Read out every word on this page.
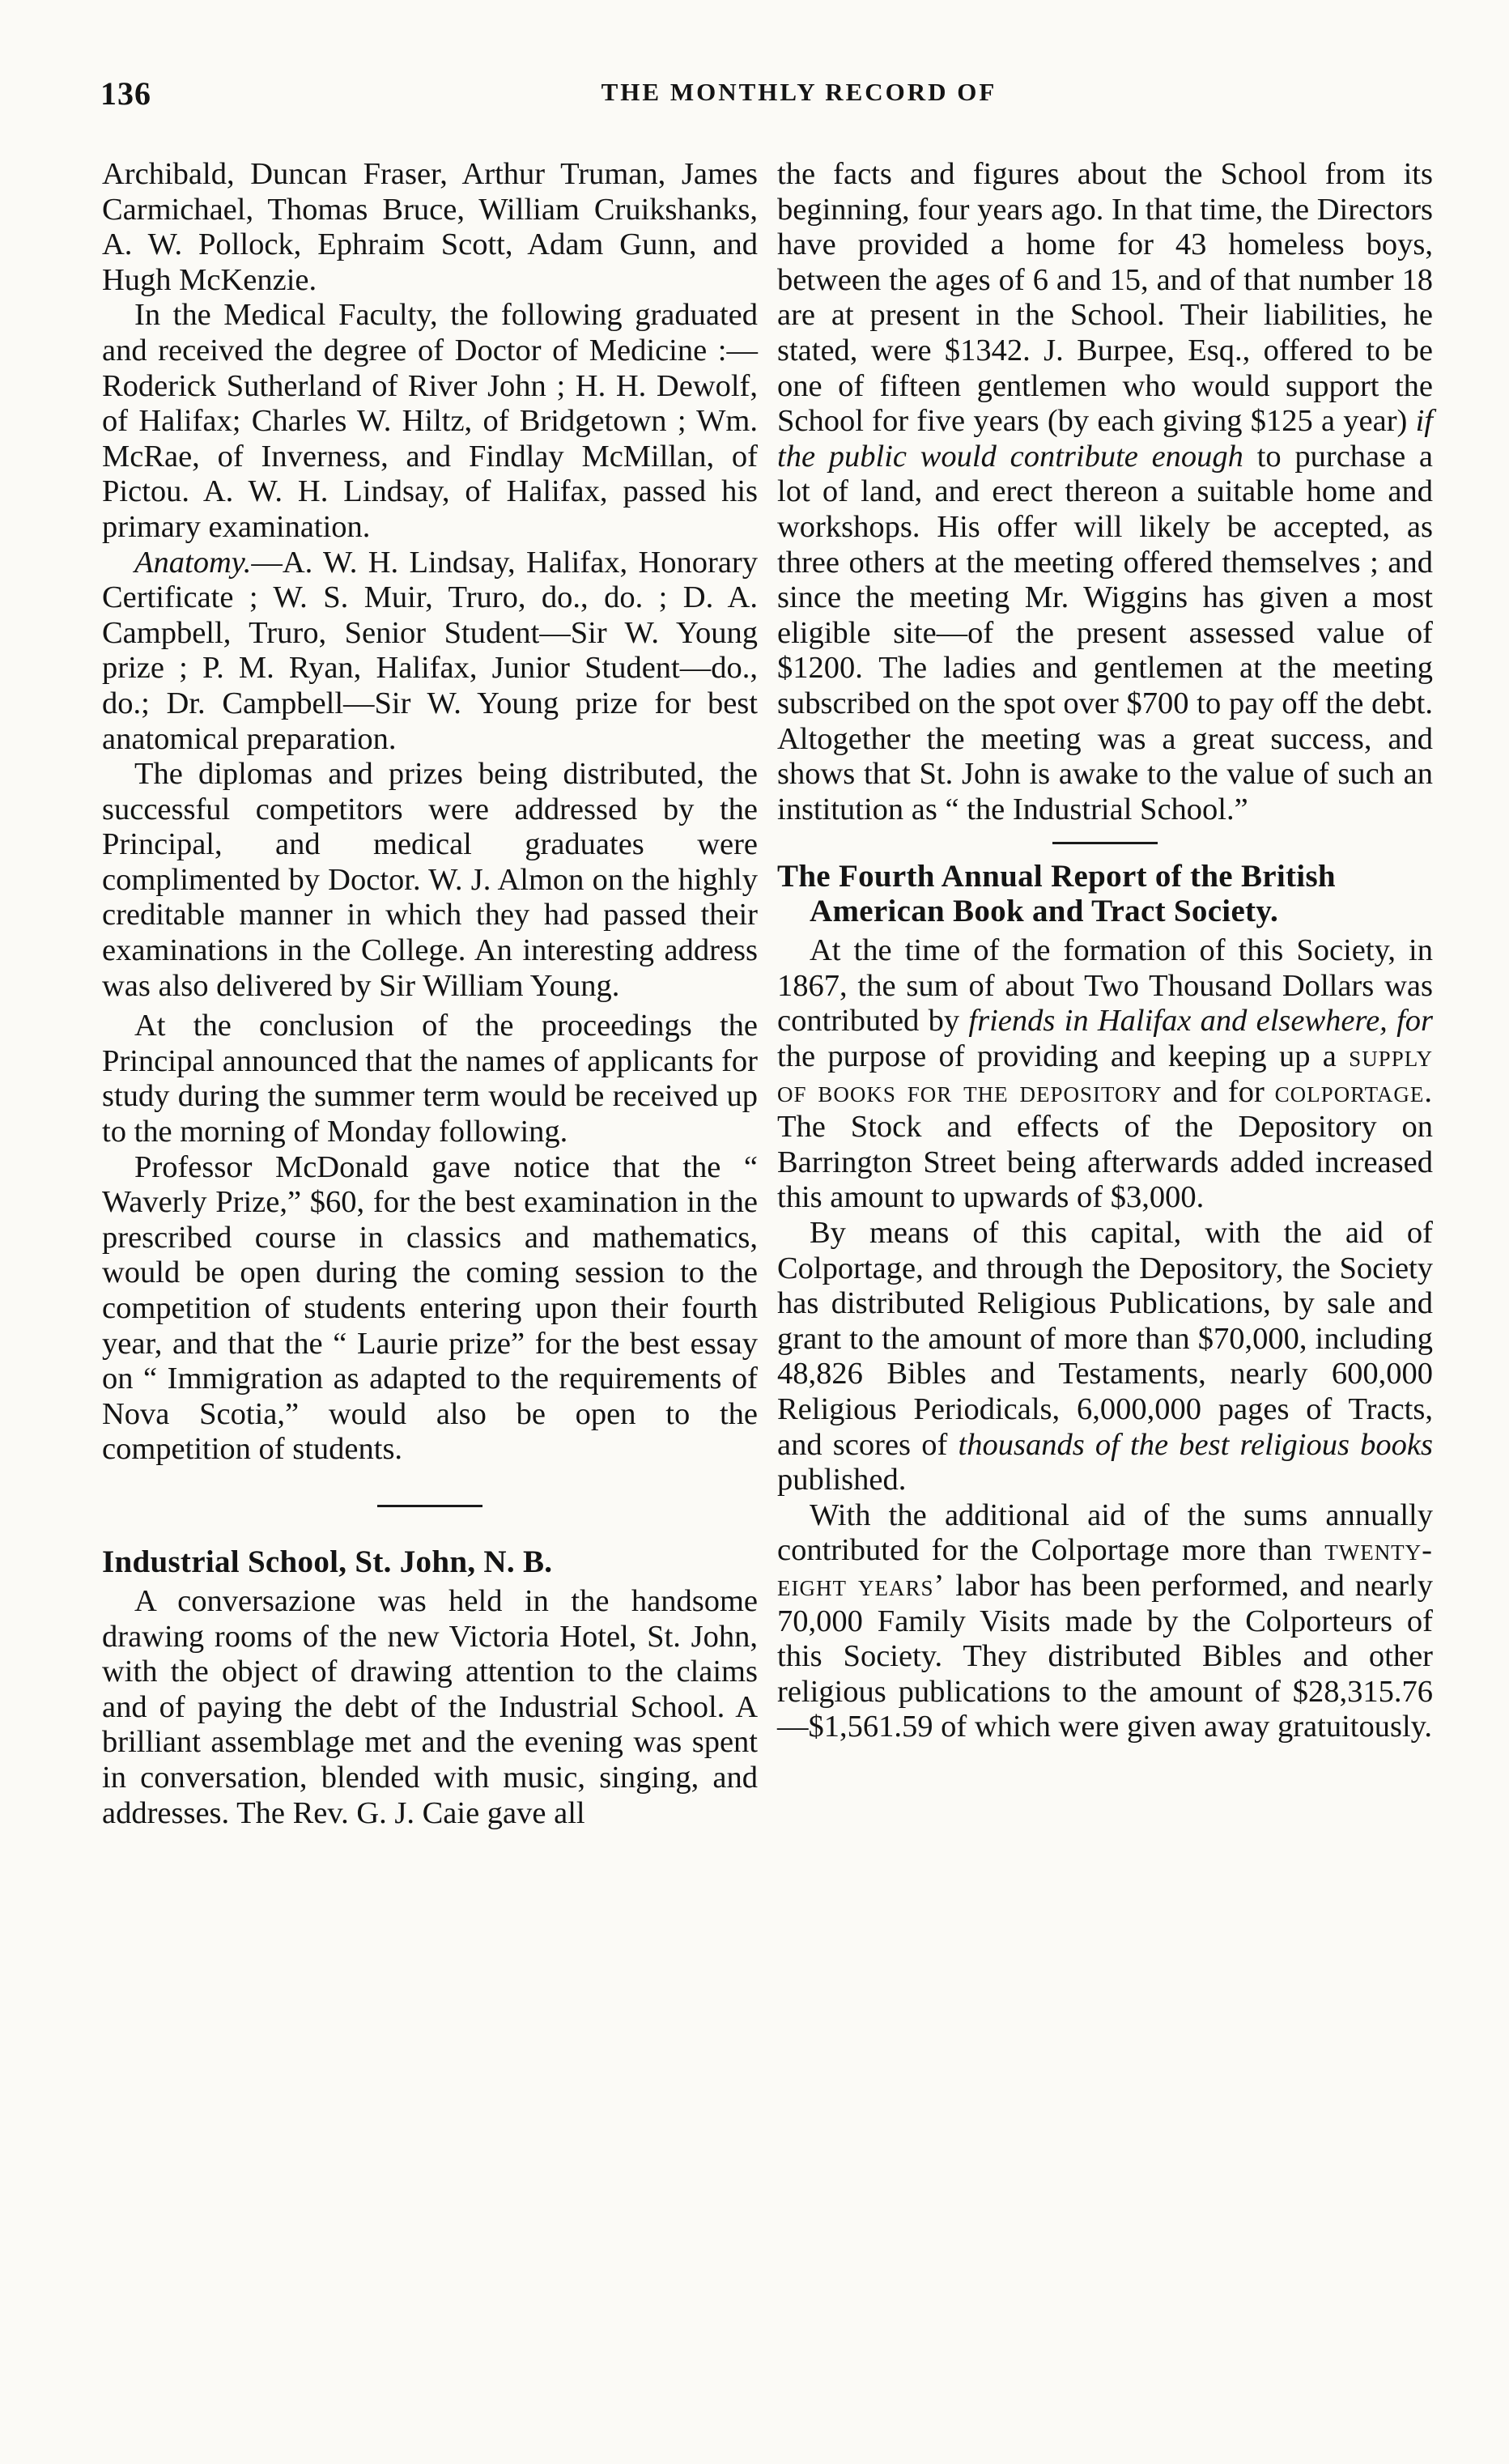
136	THE MONTHLY RECORD OF

Archibald, Duncan Fraser, Arthur Truman, James Carmichael, Thomas Bruce, William Cruikshanks, A. W. Pollock, Ephraim Scott, Adam Gunn, and Hugh McKenzie.

In the Medical Faculty, the following graduated and received the degree of Doctor of Medicine :—Roderick Sutherland of River John ; H. H. Dewolf, of Halifax; Charles W. Hiltz, of Bridgetown ; Wm. McRae, of Inverness, and Findlay McMillan, of Pictou. A. W. H. Lindsay, of Halifax, passed his primary examination.

Anatomy.—A. W. H. Lindsay, Halifax, Honorary Certificate ; W. S. Muir, Truro, do., do. ; D. A. Campbell, Truro, Senior Student—Sir W. Young prize ; P. M. Ryan, Halifax, Junior Student—do., do.; Dr. Campbell—Sir W. Young prize for best anatomical preparation.

The diplomas and prizes being distributed, the successful competitors were addressed by the Principal, and medical graduates were complimented by Doctor. W. J. Almon on the highly creditable manner in which they had passed their examinations in the College. An interesting address was also delivered by Sir William Young.

At the conclusion of the proceedings the Principal announced that the names of applicants for study during the summer term would be received up to the morning of Monday following.

Professor McDonald gave notice that the “ Waverly Prize,” $60, for the best examination in the prescribed course in classics and mathematics, would be open during the coming session to the competition of students entering upon their fourth year, and that the “ Laurie prize” for the best essay on “ Immigration as adapted to the requirements of Nova Scotia,” would also be open to the competition of students.

Industrial School, St. John, N. B.

A conversazione was held in the handsome drawing rooms of the new Victoria Hotel, St. John, with the object of drawing attention to the claims and of paying the debt of the Industrial School. A brilliant assemblage met and the evening was spent in conversation, blended with music, singing, and addresses. The Rev. G. J. Caie gave all

the facts and figures about the School from its beginning, four years ago. In that time, the Directors have provided a home for 43 homeless boys, between the ages of 6 and 15, and of that number 18 are at present in the School. Their liabilities, he stated, were $1342. J. Burpee, Esq., offered to be one of fifteen gentlemen who would support the School for five years (by each giving $125 a year) if the public would contribute enough to purchase a lot of land, and erect thereon a suitable home and workshops. His offer will likely be accepted, as three others at the meeting offered themselves ; and since the meeting Mr. Wiggins has given a most eligible site—of the present assessed value of $1200. The ladies and gentlemen at the meeting subscribed on the spot over $700 to pay off the debt. Altogether the meeting was a great success, and shows that St. John is awake to the value of such an institution as “ the Industrial School.”

The Fourth Annual Report of the British American Book and Tract Society.

At the time of the formation of this Society, in 1867, the sum of about Two Thousand Dollars was contributed by friends in Halifax and elsewhere, for the purpose of providing and keeping up a supply of books for the depository and for colportage. The Stock and effects of the Depository on Barrington Street being afterwards added increased this amount to upwards of $3,000.

By means of this capital, with the aid of Colportage, and through the Depository, the Society has distributed Religious Publications, by sale and grant to the amount of more than $70,000, including 48,826 Bibles and Testaments, nearly 600,000 Religious Periodicals, 6,000,000 pages of Tracts, and scores of thousands of the best religious books published.

With the additional aid of the sums annually contributed for the Colportage more than twenty-eight years’ labor has been performed, and nearly 70,000 Family Visits made by the Colporteurs of this Society. They distributed Bibles and other religious publications to the amount of $28,315.76—$1,561.59 of which were given away gratuitously.
